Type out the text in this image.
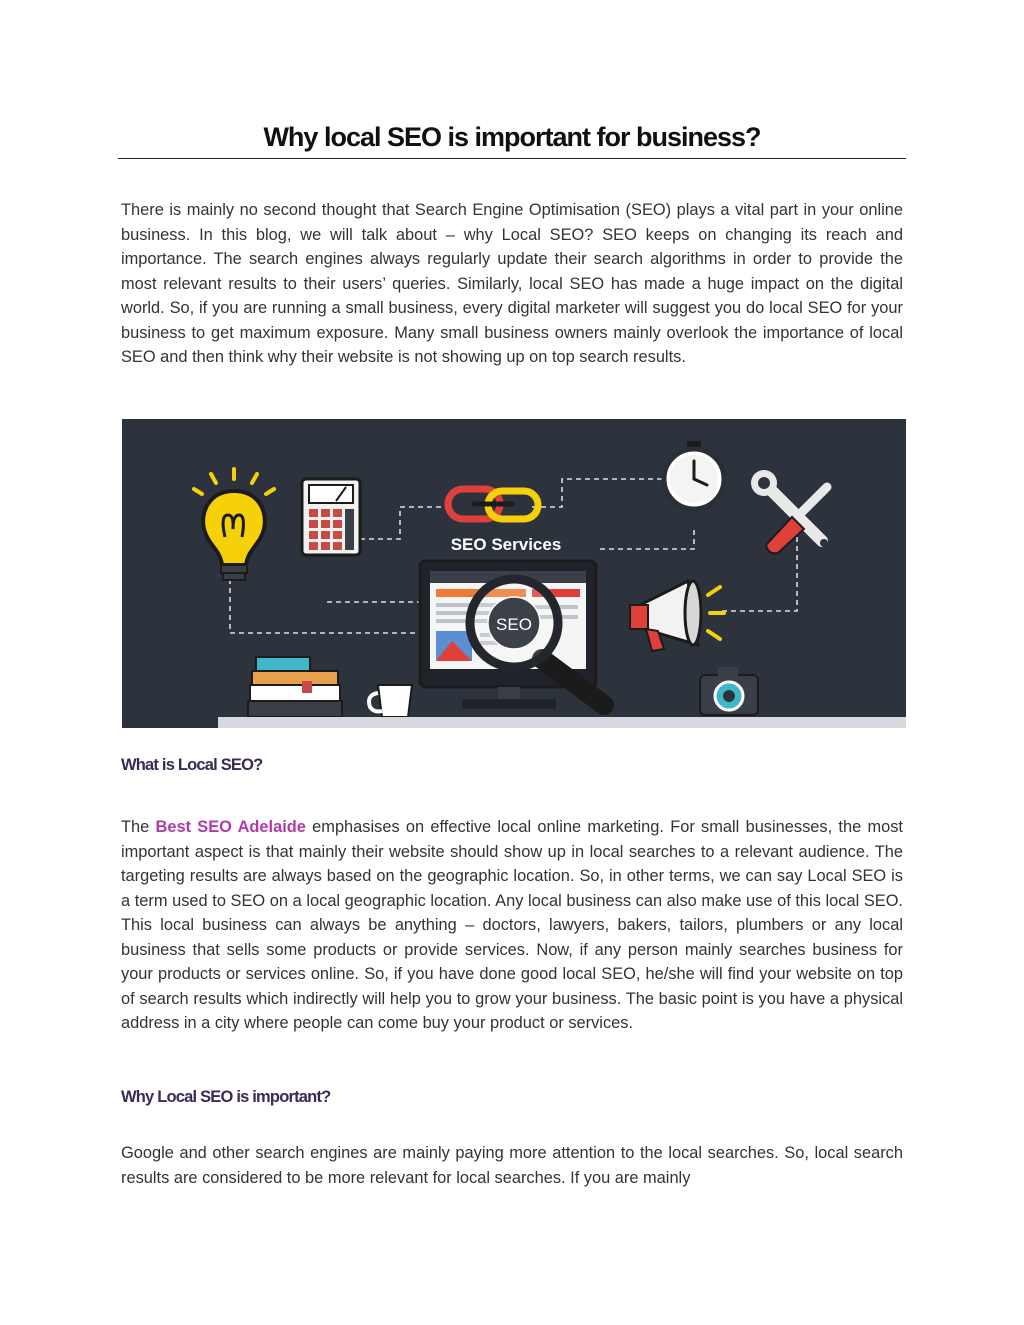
Why local SEO is important for business?

There is mainly no second thought that Search Engine Optimisation (SEO) plays a vital part in your online business. In this blog, we will talk about – why Local SEO? SEO keeps on changing its reach and importance. The search engines always regularly update their search algorithms in order to provide the most relevant results to their users’ queries. Similarly, local SEO has made a huge impact on the digital world. So, if you are running a small business, every digital marketer will suggest you do local SEO for your business to get maximum exposure. Many small business owners mainly overlook the importance of local SEO and then think why their website is not showing up on top search results.

SEO Services
SEO
What is Local SEO?

The Best SEO Adelaide emphasises on effective local online marketing. For small businesses, the most important aspect is that mainly their website should show up in local searches to a relevant audience. The targeting results are always based on the geographic location. So, in other terms, we can say Local SEO is a term used to SEO on a local geographic location. Any local business can also make use of this local SEO. This local business can always be anything – doctors, lawyers, bakers, tailors, plumbers or any local business that sells some products or provide services. Now, if any person mainly searches business for your products or services online. So, if you have done good local SEO, he/she will find your website on top of search results which indirectly will help you to grow your business. The basic point is you have a physical address in a city where people can come buy your product or services.

Why Local SEO is important?

Google and other search engines are mainly paying more attention to the local searches. So, local search results are considered to be more relevant for local searches. If you are mainly
